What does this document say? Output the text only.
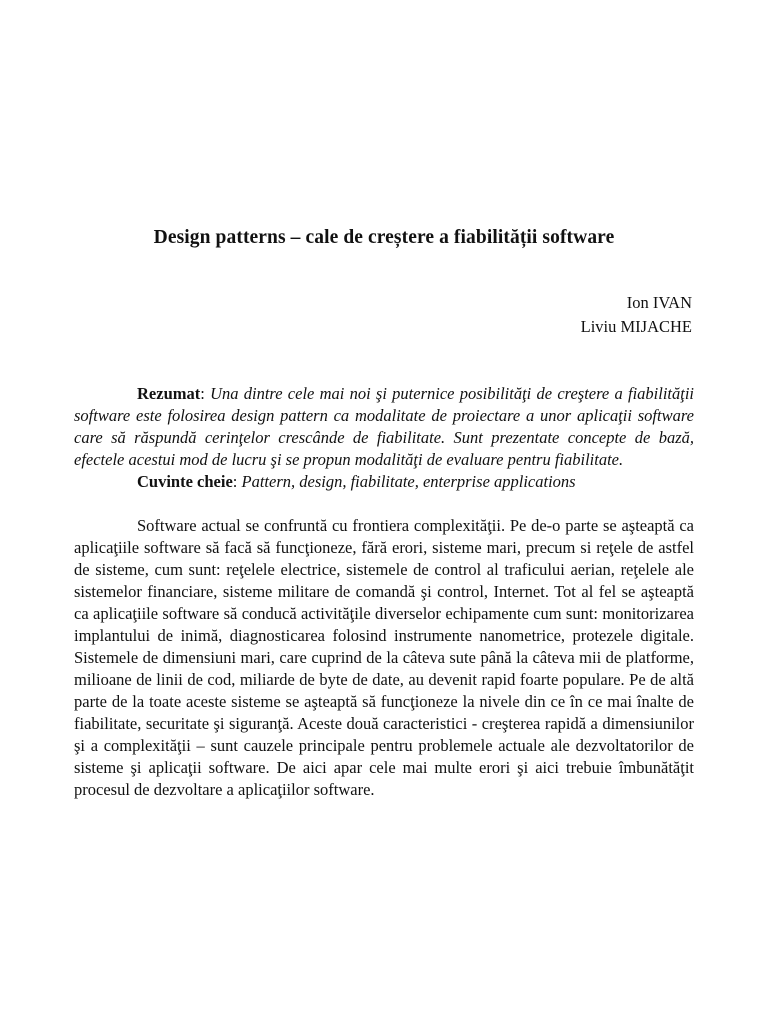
Design patterns – cale de creștere a fiabilității software
Ion IVAN
Liviu MIJACHE

Rezumat: Una dintre cele mai noi şi puternice posibilităţi de creştere a fiabilităţii software este folosirea design pattern ca modalitate de proiectare a unor aplicaţii software care să răspundă cerinţelor crescânde de fiabilitate. Sunt prezentate concepte de bază, efectele acestui mod de lucru şi se propun modalităţi de evaluare pentru fiabilitate.

Cuvinte cheie: Pattern, design, fiabilitate, enterprise applications

Software actual se confruntă cu frontiera complexităţii. Pe de-o parte se aşteaptă ca aplicaţiile software să facă să funcţioneze, fără erori, sisteme mari, precum si reţele de astfel de sisteme, cum sunt: reţelele electrice, sistemele de control al traficului aerian, reţelele ale sistemelor financiare, sisteme militare de comandă şi control, Internet. Tot al fel se aşteaptă ca aplicaţiile software să conducă activităţile diverselor echipamente cum sunt: monitorizarea implantului de inimă, diagnosticarea folosind instrumente nanometrice, protezele digitale. Sistemele de dimensiuni mari, care cuprind de la câteva sute până la câteva mii de platforme, milioane de linii de cod, miliarde de byte de date, au devenit rapid foarte populare. Pe de altă parte de la toate aceste sisteme se aşteaptă să funcţioneze la nivele din ce în ce mai înalte de fiabilitate, securitate şi siguranţă. Aceste două caracteristici - creşterea rapidă a dimensiunilor şi a complexităţii – sunt cauzele principale pentru problemele actuale ale dezvoltatorilor de sisteme şi aplicaţii software. De aici apar cele mai multe erori şi aici trebuie îmbunătăţit procesul de dezvoltare a aplicaţiilor software.
